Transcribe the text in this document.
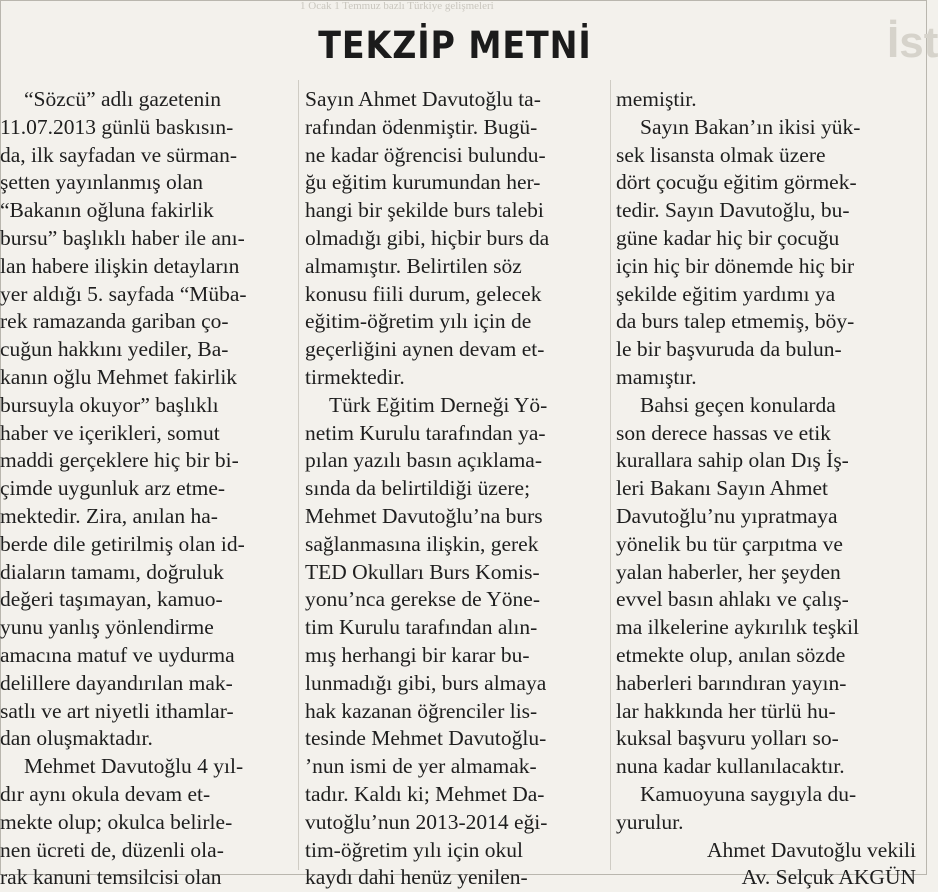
1 Ocak 1 Temmuz bazlı Türkiye gelişmeleri
İst
TEKZİP METNİ
“Sözcü” adlı gazetenin
11.07.2013 günlü baskısın-
da, ilk sayfadan ve sürman-
şetten yayınlanmış olan
“Bakanın oğluna fakirlik
bursu” başlıklı haber ile anı-
lan habere ilişkin detayların
yer aldığı 5. sayfada “Müba-
rek ramazanda gariban ço-
cuğun hakkını yediler, Ba-
kanın oğlu Mehmet fakirlik
bursuyla okuyor” başlıklı
haber ve içerikleri, somut
maddi gerçeklere hiç bir bi-
çimde uygunluk arz etme-
mektedir. Zira, anılan ha-
berde dile getirilmiş olan id-
diaların tamamı, doğruluk
değeri taşımayan, kamuo-
yunu yanlış yönlendirme
amacına matuf ve uydurma
delillere dayandırılan mak-
satlı ve art niyetli ithamlar-
dan oluşmaktadır.
Mehmet Davutoğlu 4 yıl-
dır aynı okula devam et-
mekte olup; okulca belirle-
nen ücreti de, düzenli ola-
rak kanuni temsilcisi olan
Sayın Ahmet Davutoğlu ta-
rafından ödenmiştir. Bugü-
ne kadar öğrencisi bulundu-
ğu eğitim kurumundan her-
hangi bir şekilde burs talebi
olmadığı gibi, hiçbir burs da
almamıştır. Belirtilen söz
konusu fiili durum, gelecek
eğitim-öğretim yılı için de
geçerliğini aynen devam et-
tirmektedir.
Türk Eğitim Derneği Yö-
netim Kurulu tarafından ya-
pılan yazılı basın açıklama-
sında da belirtildiği üzere;
Mehmet Davutoğlu’na burs
sağlanmasına ilişkin, gerek
TED Okulları Burs Komis-
yonu’nca gerekse de Yöne-
tim Kurulu tarafından alın-
mış herhangi bir karar bu-
lunmadığı gibi, burs almaya
hak kazanan öğrenciler lis-
tesinde Mehmet Davutoğlu-
’nun ismi de yer almamak-
tadır. Kaldı ki; Mehmet Da-
vutoğlu’nun 2013-2014 eği-
tim-öğretim yılı için okul
kaydı dahi henüz yenilen-
memiştir.
Sayın Bakan’ın ikisi yük-
sek lisansta olmak üzere
dört çocuğu eğitim görmek-
tedir. Sayın Davutoğlu, bu-
güne kadar hiç bir çocuğu
için hiç bir dönemde hiç bir
şekilde eğitim yardımı ya
da burs talep etmemiş, böy-
le bir başvuruda da bulun-
mamıştır.
Bahsi geçen konularda
son derece hassas ve etik
kurallara sahip olan Dış İş-
leri Bakanı Sayın Ahmet
Davutoğlu’nu yıpratmaya
yönelik bu tür çarpıtma ve
yalan haberler, her şeyden
evvel basın ahlakı ve çalış-
ma ilkelerine aykırılık teşkil
etmekte olup, anılan sözde
haberleri barındıran yayın-
lar hakkında her türlü hu-
kuksal başvuru yolları so-
nuna kadar kullanılacaktır.
Kamuoyuna saygıyla du-
yurulur.
Ahmet Davutoğlu vekili
Av. Selçuk AKGÜN
